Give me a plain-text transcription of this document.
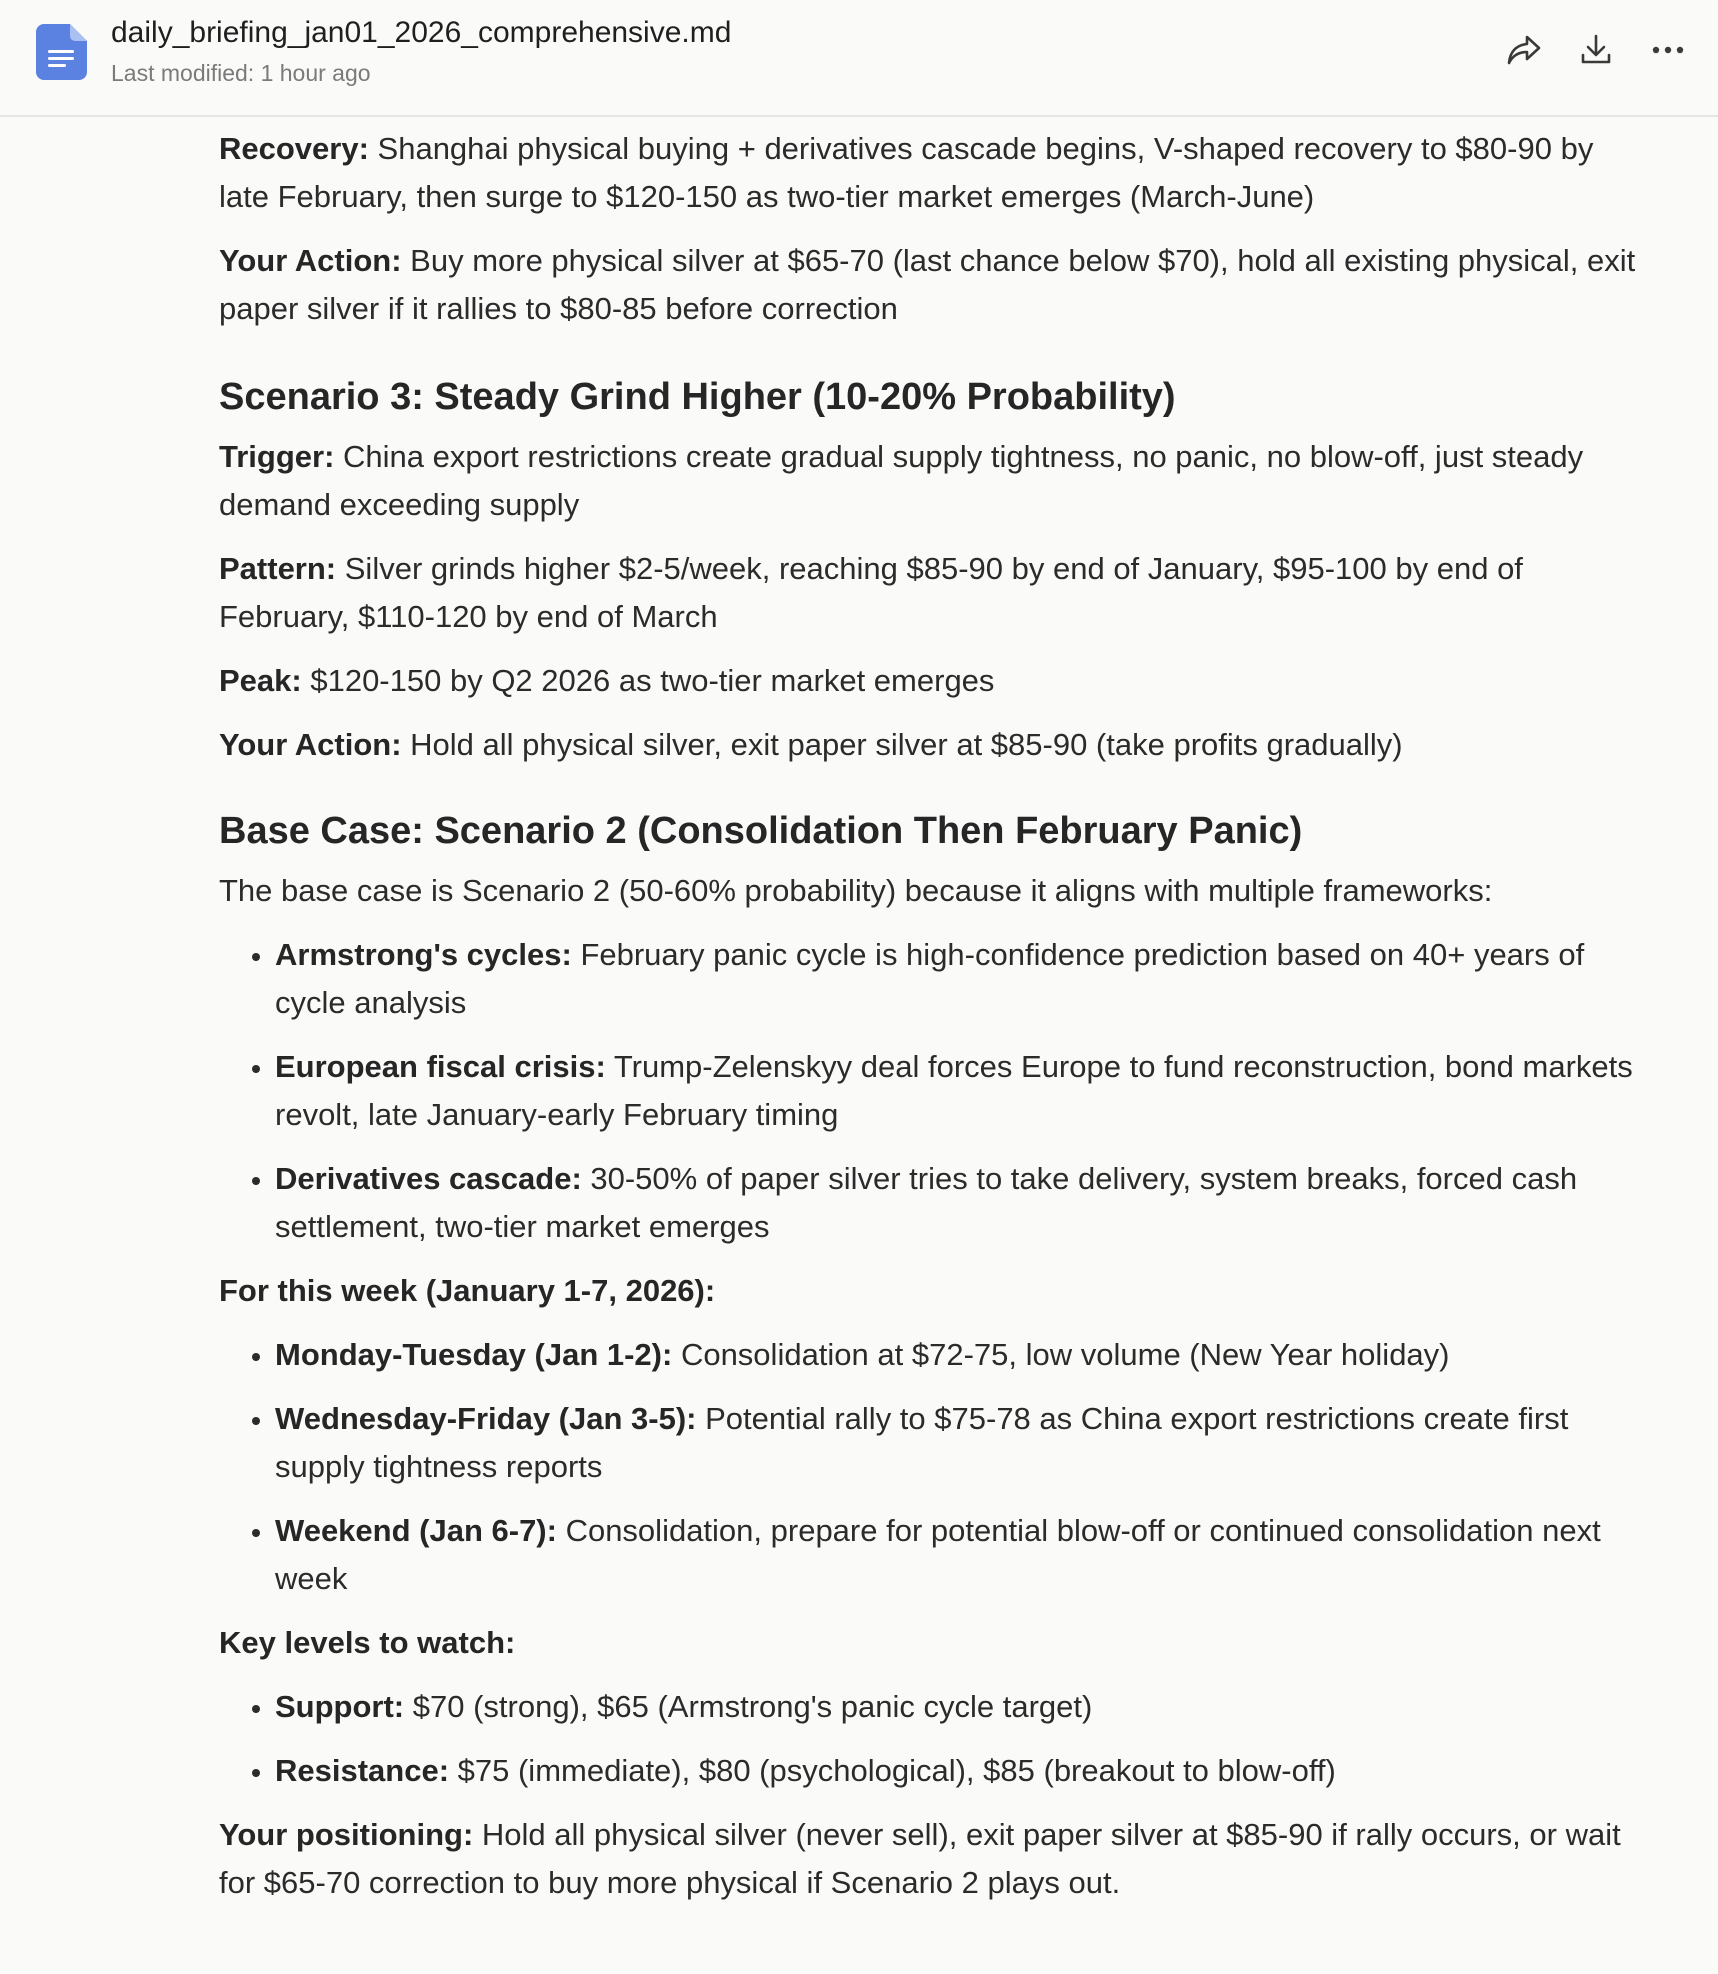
daily_briefing_jan01_2026_comprehensive.md
Last modified: 1 hour ago

Recovery: Shanghai physical buying + derivatives cascade begins, V-shaped recovery to $80-90 by late February, then surge to $120-150 as two-tier market emerges (March-June)

Your Action: Buy more physical silver at $65-70 (last chance below $70), hold all existing physical, exit paper silver if it rallies to $80-85 before correction

Scenario 3: Steady Grind Higher (10-20% Probability)

Trigger: China export restrictions create gradual supply tightness, no panic, no blow-off, just steady demand exceeding supply

Pattern: Silver grinds higher $2-5/week, reaching $85-90 by end of January, $95-100 by end of February, $110-120 by end of March

Peak: $120-150 by Q2 2026 as two-tier market emerges

Your Action: Hold all physical silver, exit paper silver at $85-90 (take profits gradually)

Base Case: Scenario 2 (Consolidation Then February Panic)

The base case is Scenario 2 (50-60% probability) because it aligns with multiple frameworks:

• Armstrong's cycles: February panic cycle is high-confidence prediction based on 40+ years of cycle analysis
• European fiscal crisis: Trump-Zelenskyy deal forces Europe to fund reconstruction, bond markets revolt, late January-early February timing
• Derivatives cascade: 30-50% of paper silver tries to take delivery, system breaks, forced cash settlement, two-tier market emerges

For this week (January 1-7, 2026):

• Monday-Tuesday (Jan 1-2): Consolidation at $72-75, low volume (New Year holiday)
• Wednesday-Friday (Jan 3-5): Potential rally to $75-78 as China export restrictions create first supply tightness reports
• Weekend (Jan 6-7): Consolidation, prepare for potential blow-off or continued consolidation next week

Key levels to watch:

• Support: $70 (strong), $65 (Armstrong's panic cycle target)
• Resistance: $75 (immediate), $80 (psychological), $85 (breakout to blow-off)

Your positioning: Hold all physical silver (never sell), exit paper silver at $85-90 if rally occurs, or wait for $65-70 correction to buy more physical if Scenario 2 plays out.
